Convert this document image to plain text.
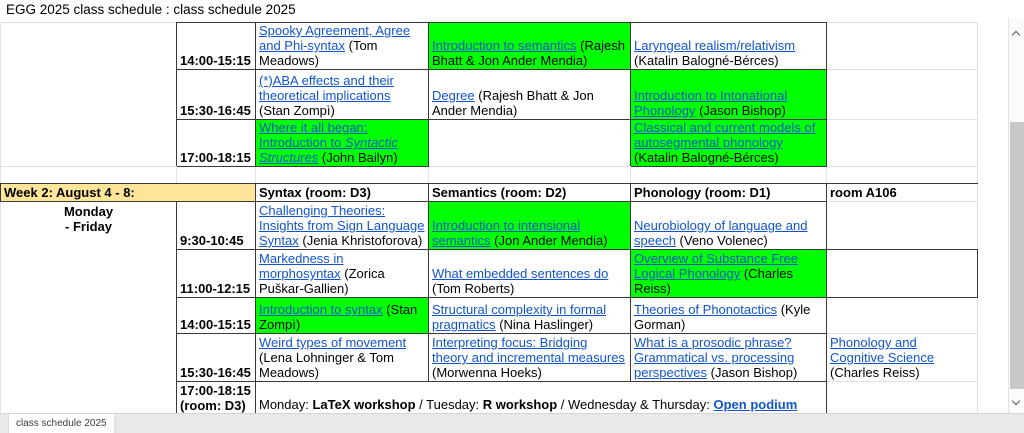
EGG 2025 class schedule : class schedule 2025
	14:00-15:15	Spooky Agreement, Agree and Phi-syntax (Tom Meadows)	Introduction to semantics (Rajesh Bhatt & Jon Ander Mendia)	Laryngeal realism/relativism (Katalin Balogné-Bérces)	
	15:30-16:45	(*)ABA effects and their theoretical implications (Stan Zompì)	Degree (Rajesh Bhatt & Jon Ander Mendia)	Introduction to Intonational Phonology (Jason Bishop)	
	17:00-18:15	Where it all began: Introduction to Syntactic Structures (John Bailyn)		Classical and current models of autosegmental phonology (Katalin Balogné-Bérces)	

Week 2: August 4 - 8:		Syntax (room: D3)	Semantics (room: D2)	Phonology (room: D1)	room A106

Monday
- Friday	9:30-10:45	Challenging Theories: Insights from Sign Language Syntax (Jenia Khristoforova)	Introduction to intensional semantics (Jon Ander Mendia)	Neurobiology of language and speech (Veno Volenec)	
	11:00-12:15	Markedness in morphosyntax (Zorica Puškar-Gallien)	What embedded sentences do (Tom Roberts)	Overview of Substance Free Logical Phonology (Charles Reiss)	
	14:00-15:15	Introduction to syntax (Stan Zompì)	Structural complexity in formal pragmatics (Nina Haslinger)	Theories of Phonotactics (Kyle Gorman)	
	15:30-16:45	Weird types of movement (Lena Lohninger & Tom Meadows)	Interpreting focus: Bridging theory and incremental measures (Morwenna Hoeks)	What is a prosodic phrase? Grammatical vs. processing perspectives (Jason Bishop)	Phonology and Cognitive Science (Charles Reiss)

	17:00-18:15
(room: D3)	Monday: LaTeX workshop / Tuesday: R workshop / Wednesday & Thursday: Open podium			
class schedule 2025
